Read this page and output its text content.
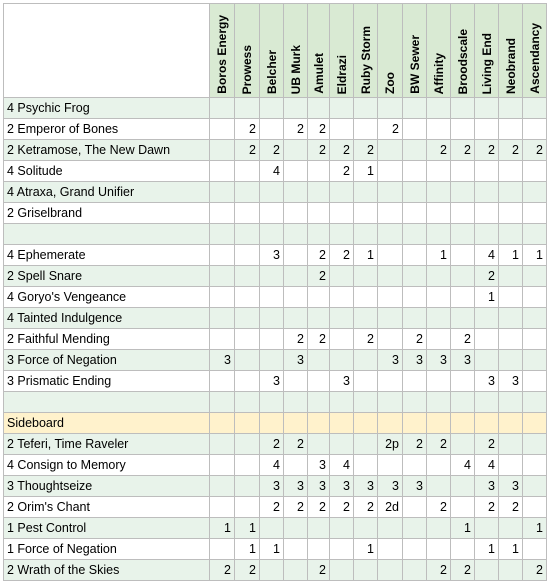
	Boros Energy	Prowess	Belcher	UB Murk	Amulet	Eldrazi	Ruby Storm	Zoo	BW Sewer	Affinity	Broodscale	Living End	Neobrand	Ascendancy
4 Psychic Frog														
2 Emperor of Bones		2		2	2			2						
2 Ketramose, The New Dawn		2	2		2	2	2			2	2	2	2	2
4 Solitude			4			2	1							
4 Atraxa, Grand Unifier														
2 Griselbrand														

4 Ephemerate			3		2	2	1			1		4	1	1
2 Spell Snare					2							2		
4 Goryo's Vengeance												1		
4 Tainted Indulgence														
2 Faithful Mending				2	2		2		2		2			
3 Force of Negation	3			3				3	3	3	3			
3 Prismatic Ending			3			3						3	3	

Sideboard														
2 Teferi, Time Raveler			2	2				2p	2	2		2		
4 Consign to Memory			4		3	4					4	4		
3 Thoughtseize			3	3	3	3	3	3	3			3	3	
2 Orim's Chant			2	2	2	2	2	2d		2		2	2	
1 Pest Control	1	1									1			1
1 Force of Negation		1	1				1					1	1	
2 Wrath of the Skies	2	2			2					2	2			2
